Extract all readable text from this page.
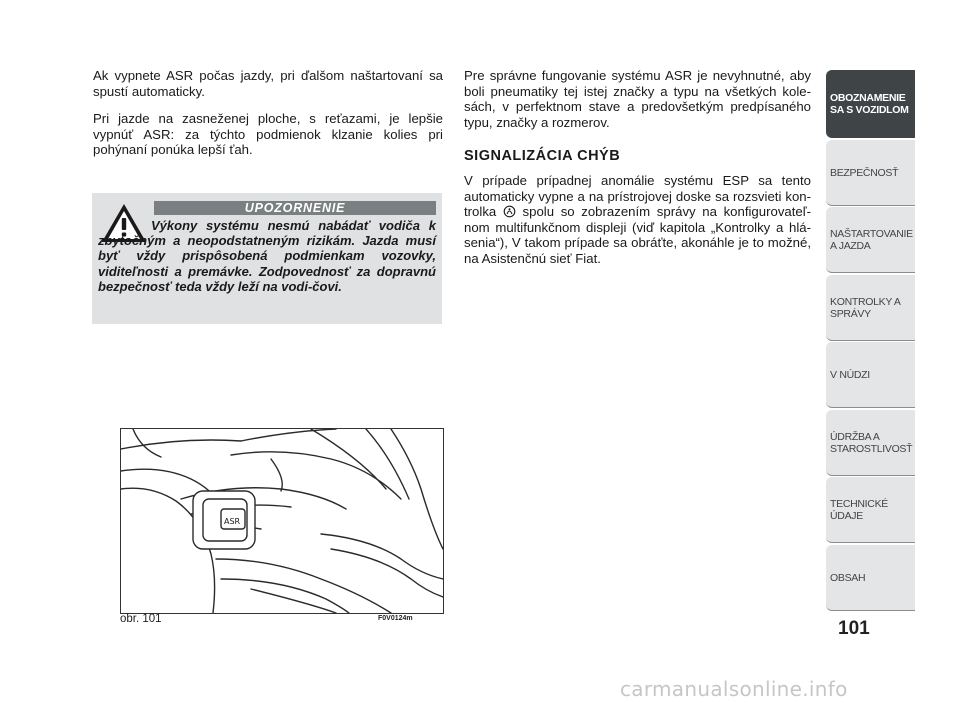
Ak vypnete ASR počas jazdy, pri ďalšom naštartovaní sa spustí automaticky.

Pri jazde na zasneženej ploche, s reťazami, je lepšie vypnúť ASR: za týchto podmienok klzanie kolies pri pohýnaní ponúka lepší ťah.

UPOZORNENIE

Výkony systému nesmú nabádať vodiča k zbytočným a neopodstatneným rizikám. Jazda musí byť vždy prispôsobená podmienkam vozovky, viditeľnosti a premávke. Zodpovednosť za dopravnú bezpečnosť teda vždy leží na vodi-čovi.

Pre správne fungovanie systému ASR je nevyhnutné, aby boli pneumatiky tej istej značky a typu na všetkých kole-sách, v perfektnom stave a predovšetkým predpísaného typu, značky a rozmerov.

SIGNALIZÁCIA CHÝB

V prípade prípadnej anomálie systému ESP sa tento automaticky vypne a na prístrojovej doske sa rozsvieti kon-trolka spolu so zobrazením správy na konfigurovateľ-nom multifunkčnom displeji (viď kapitola „Kontrolky a hlá-senia“), V takom prípade sa obráťte, akonáhle je to možné, na Asistenčnú sieť Fiat.

ASR
obr. 101	F0V0124m
OBOZNAMENIE SA S VOZIDLOM
BEZPEČNOSŤ
NAŠTARTOVANIE A JAZDA
KONTROLKY A SPRÁVY
V NÚDZI
ÚDRŽBA A STAROSTLIVOSŤ
TECHNICKÉ ÚDAJE
OBSAH
101
carmanualsonline.info
